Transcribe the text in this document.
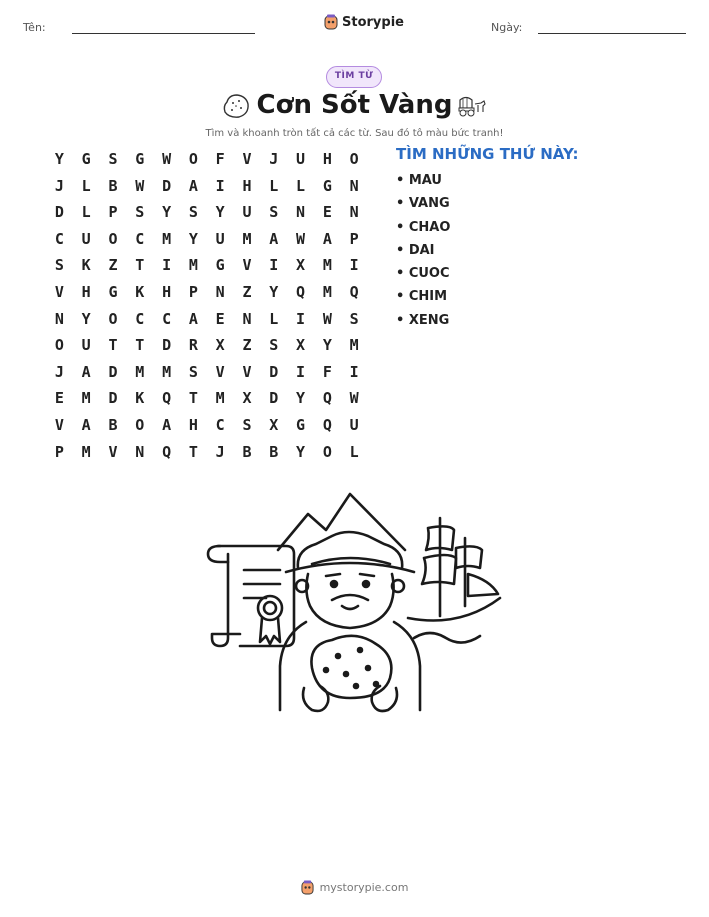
Tên:	Storypie	Ngày:
TÌM TỪ
Cơn Sốt Vàng
Tìm và khoanh tròn tất cả các từ. Sau đó tô màu bức tranh!
Y	G	S	G	W	O	F	V	J	U	H	O
J	L	B	W	D	A	I	H	L	L	G	N
D	L	P	S	Y	S	Y	U	S	N	E	N
C	U	O	C	M	Y	U	M	A	W	A	P
S	K	Z	T	I	M	G	V	I	X	M	I
V	H	G	K	H	P	N	Z	Y	Q	M	Q
N	Y	O	C	C	A	E	N	L	I	W	S
O	U	T	T	D	R	X	Z	S	X	Y	M
J	A	D	M	M	S	V	V	D	I	F	I
E	M	D	K	Q	T	M	X	D	Y	Q	W
V	A	B	O	A	H	C	S	X	G	Q	U
P	M	V	N	Q	T	J	B	B	Y	O	L
TÌM NHỮNG THỨ NÀY:
• MAU
• VANG
• CHAO
• DAI
• CUOC
• CHIM
• XENG
mystorypie.com
